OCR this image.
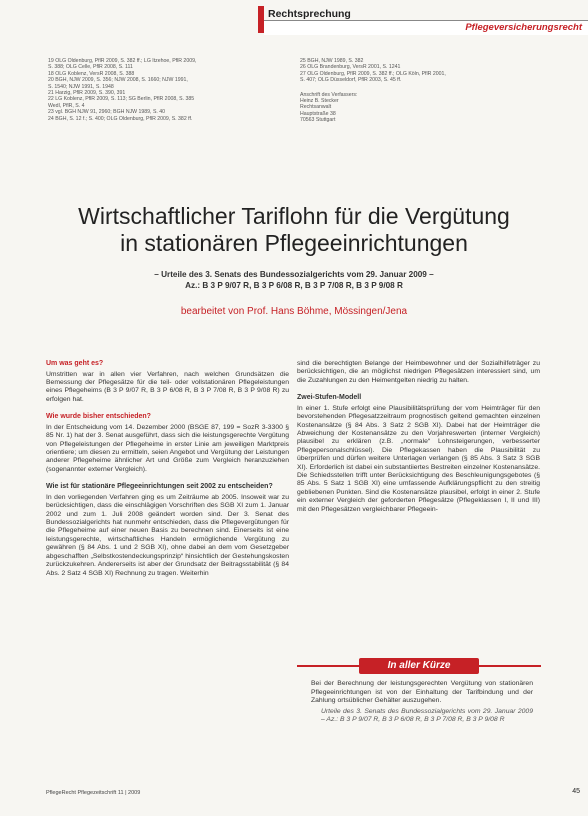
Rechtsprechung
Pflegeversicherungsrecht
19 OLG Oldenburg, PflR 2009, S. 382 ff.; LG Itzehoe, PflR 2009,
S. 388; OLG Celle, PflR 2008, S. 111
18 OLG Koblenz, VersR 2008, S. 388
20 BGH, NJW 2009, S. 356; NJW 2008, S. 1660; NJW 1991,
S. 1540; NJW 1991, S. 1948
21 Harzig, PflR 2009, S. 390, 391
22 LG Koblenz, PflR 2009, S. 113; SG Berlin, PflR 2008, S. 385
Wedl, PflR, S. 4
23 vgl. BGH NJW 91, 2960; BGH NJW 1989, S. 40
24 BGH, S. 12 f.; S. 400; OLG Oldenburg, PflR 2009, S. 382 ff.
25 BGH, NJW 1989, S. 382
26 OLG Brandenburg, VersR 2001, S. 1241
27 OLG Oldenburg, PflR 2009, S. 382 ff.; OLG Köln, PflR 2001,
S. 407; OLG Düsseldorf, PflR 2003, S. 45 ff.
Anschrift des Verfassers:
Heinz B. Stecker
Rechtsanwalt
Hauptstraße 38
70563 Stuttgart
Wirtschaftlicher Tariflohn für die Vergütung
in stationären Pflegeeinrichtungen
– Urteile des 3. Senats des Bundessozialgerichts vom 29. Januar 2009 –
Az.: B 3 P 9/07 R, B 3 P 6/08 R, B 3 P 7/08 R, B 3 P 9/08 R
bearbeitet von Prof. Hans Böhme, Mössingen/Jena
Um was geht es?

Umstritten war in allen vier Verfahren, nach welchen Grundsätzen die Bemessung der Pflegesätze für die teil- oder vollstationären Pflegeleistungen eines Pflegeheims (B 3 P 9/07 R, B 3 P 6/08 R, B 3 P 7/08 R, B 3 P 9/08 R) zu erfolgen hat.

Wie wurde bisher entschieden?

In der Entscheidung vom 14. Dezember 2000 (BSGE 87, 199 = SozR 3-3300 § 85 Nr. 1) hat der 3. Senat ausgeführt, dass sich die leistungsgerechte Vergütung von Pflegeleistungen der Pflegeheime in erster Linie am jeweiligen Marktpreis orientiere; um diesen zu ermitteln, seien Angebot und Vergütung der Leistungen anderer Pflegeheime ähnlicher Art und Größe zum Vergleich heranzuziehen (sogenannter externer Vergleich).

Wie ist für stationäre Pflegeeinrichtungen seit 2002 zu entscheiden?

In den vorliegenden Verfahren ging es um Zeiträume ab 2005. Insoweit war zu berücksichtigen, dass die einschlägigen Vorschriften des SGB XI zum 1. Januar 2002 und zum 1. Juli 2008 geändert worden sind. Der 3. Senat des Bundessozialgerichts hat nunmehr entschieden, dass die Pflegevergütungen für die Pflegeheime auf einer neuen Basis zu berechnen sind. Einerseits ist eine leistungsgerechte, wirtschaftliches Handeln ermöglichende Vergütung zu gewähren (§ 84 Abs. 1 und 2 SGB XI), ohne dabei an dem vom Gesetzgeber abgeschafften „Selbstkostendeckungsprinzip“ hinsichtlich der Gestehungskosten zurückzukehren. Andererseits ist aber der Grundsatz der Beitragsstabilität (§ 84 Abs. 2 Satz 4 SGB XI) Rechnung zu tragen. Weiterhin

sind die berechtigten Belange der Heimbewohner und der Sozialhilfeträger zu berücksichtigen, die an möglichst niedrigen Pflegesätzen interessiert sind, um die Zuzahlungen zu den Heimentgelten niedrig zu halten.

Zwei-Stufen-Modell

In einer 1. Stufe erfolgt eine Plausibilitätsprüfung der vom Heimträger für den bevorstehenden Pflegesatzzeitraum prognostisch geltend gemachten einzelnen Kostenansätze (§ 84 Abs. 3 Satz 2 SGB XI). Dabei hat der Heimträger die Abweichung der Kostenansätze zu den Vorjahreswerten (interner Vergleich) plausibel zu erklären (z.B. „normale“ Lohnsteigerungen, verbesserter Pflegepersonalschlüssel). Die Pflegekassen haben die Plausibilität zu überprüfen und dürfen weitere Unterlagen verlangen (§ 85 Abs. 3 Satz 3 SGB XI). Erforderlich ist dabei ein substantiiertes Bestreiten einzelner Kostenansätze. Die Schiedsstellen trifft unter Berücksichtigung des Beschleunigungsgebotes (§ 85 Abs. 5 Satz 1 SGB XI) eine umfassende Aufklärungspflicht zu den streitig gebliebenen Punkten. Sind die Kostenansätze plausibel, erfolgt in einer 2. Stufe ein externer Vergleich der geforderten Pflegesätze (Pflegeklassen I, II und III) mit den Pflegesätzen vergleichbarer Pflegeein-

In aller Kürze
Bei der Berechnung der leistungsgerechten Vergütung von stationären Pflegeeinrichtungen ist von der Einhaltung der Tarifbindung und der Zahlung ortsüblicher Gehälter auszugehen.
Urteile des 3. Senats des Bundessozialgerichts vom 29. Januar 2009 – Az.: B 3 P 9/07 R, B 3 P 6/08 R, B 3 P 7/08 R, B 3 P 9/08 R
PflegeRecht Pflegezeitschrift 11 | 2009	45
